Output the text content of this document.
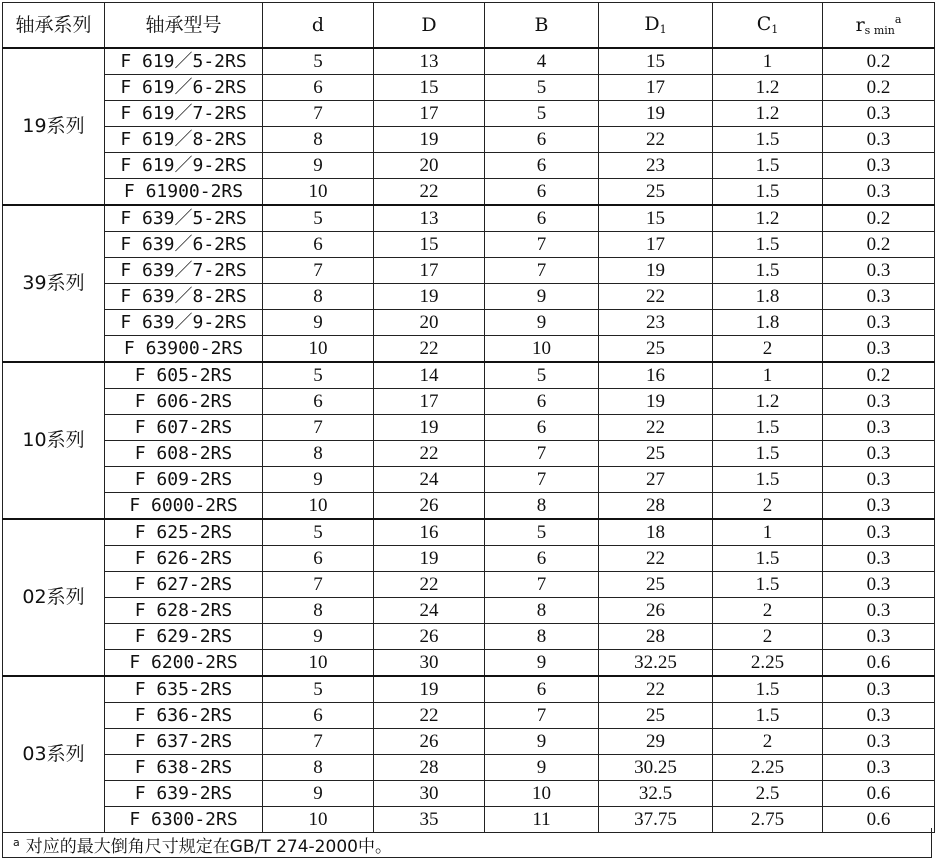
轴承系列	轴承型号	d	D	B	$D_1$	$C_1$	$r_{s min}^a$
19系列	F 619／5-2RS	5	13	4	15	1	0.2
	F 619／6-2RS	6	15	5	17	1.2	0.2
	F 619／7-2RS	7	17	5	19	1.2	0.3
	F 619／8-2RS	8	19	6	22	1.5	0.3
	F 619／9-2RS	9	20	6	23	1.5	0.3
	F 61900-2RS	10	22	6	25	1.5	0.3
39系列	F 639／5-2RS	5	13	6	15	1.2	0.2
	F 639／6-2RS	6	15	7	17	1.5	0.2
	F 639／7-2RS	7	17	7	19	1.5	0.3
	F 639／8-2RS	8	19	9	22	1.8	0.3
	F 639／9-2RS	9	20	9	23	1.8	0.3
	F 63900-2RS	10	22	10	25	2	0.3
10系列	F 605-2RS	5	14	5	16	1	0.2
	F 606-2RS	6	17	6	19	1.2	0.3
	F 607-2RS	7	19	6	22	1.5	0.3
	F 608-2RS	8	22	7	25	1.5	0.3
	F 609-2RS	9	24	7	27	1.5	0.3
	F 6000-2RS	10	26	8	28	2	0.3
02系列	F 625-2RS	5	16	5	18	1	0.3
	F 626-2RS	6	19	6	22	1.5	0.3
	F 627-2RS	7	22	7	25	1.5	0.3
	F 628-2RS	8	24	8	26	2	0.3
	F 629-2RS	9	26	8	28	2	0.3
	F 6200-2RS	10	30	9	32.25	2.25	0.6
03系列	F 635-2RS	5	19	6	22	1.5	0.3
	F 636-2RS	6	22	7	25	1.5	0.3
	F 637-2RS	7	26	9	29	2	0.3
	F 638-2RS	8	28	9	30.25	2.25	0.3
	F 639-2RS	9	30	10	32.5	2.5	0.6
	F 6300-2RS	10	35	11	37.75	2.75	0.6
$^a$ 对应的最大倒角尺寸规定在GB/T 274-2000中。
